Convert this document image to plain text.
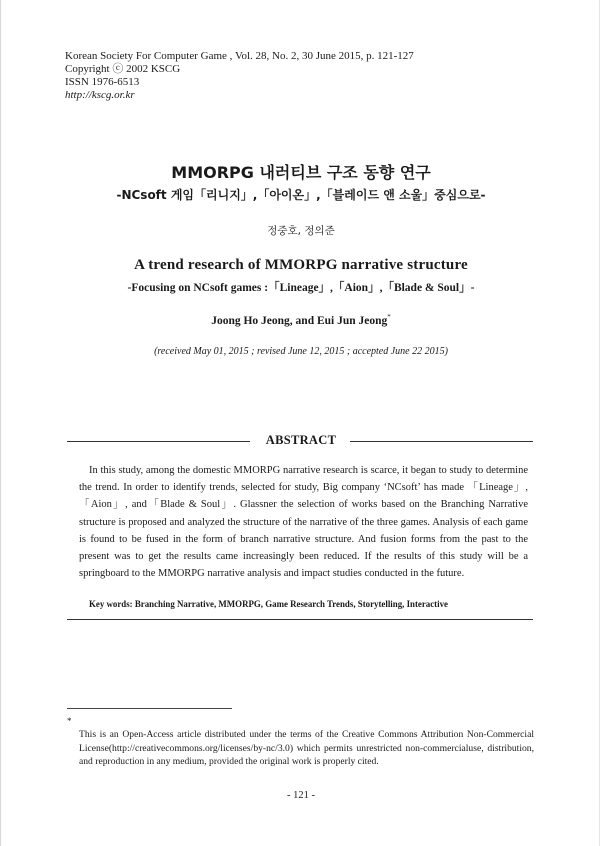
Korean Society For Computer Game , Vol. 28, No. 2, 30 June 2015, p. 121-127
Copyright ⓒ 2002 KSCG
ISSN 1976-6513
http://kscg.or.kr
MMORPG 내러티브 구조 동향 연구
-NCsoft 게임「리니지」,「아이온」,「블레이드 앤 소울」중심으로-
정중호, 정의준
A trend research of MMORPG narrative structure
-Focusing on NCsoft games :「Lineage」,「Aion」,「Blade & Soul」-
Joong Ho Jeong, and Eui Jun Jeong*
(received May 01, 2015 ; revised June 12, 2015 ; accepted June 22 2015)
ABSTRACT

In this study, among the domestic MMORPG narrative research is scarce, it began to study to determine the trend. In order to identify trends, selected for study, Big company ‘NCsoft’ has made 「Lineage」, 「Aion」, and「Blade & Soul」. Glassner the selection of works based on the Branching Narrative structure is proposed and analyzed the structure of the narrative of the three games. Analysis of each game is found to be fused in the form of branch narrative structure. And fusion forms from the past to the present was to get the results came increasingly been reduced. If the results of this study will be a springboard to the MMORPG narrative analysis and impact studies conducted in the future.

Key words: Branching Narrative, MMORPG, Game Research Trends, Storytelling, Interactive
*

This is an Open-Access article distributed under the terms of the Creative Commons Attribution Non-Commercial License(http://creativecommons.org/licenses/by-nc/3.0) which permits unrestricted non-commercialuse, distribution, and reproduction in any medium, provided the original work is properly cited.

- 121 -
